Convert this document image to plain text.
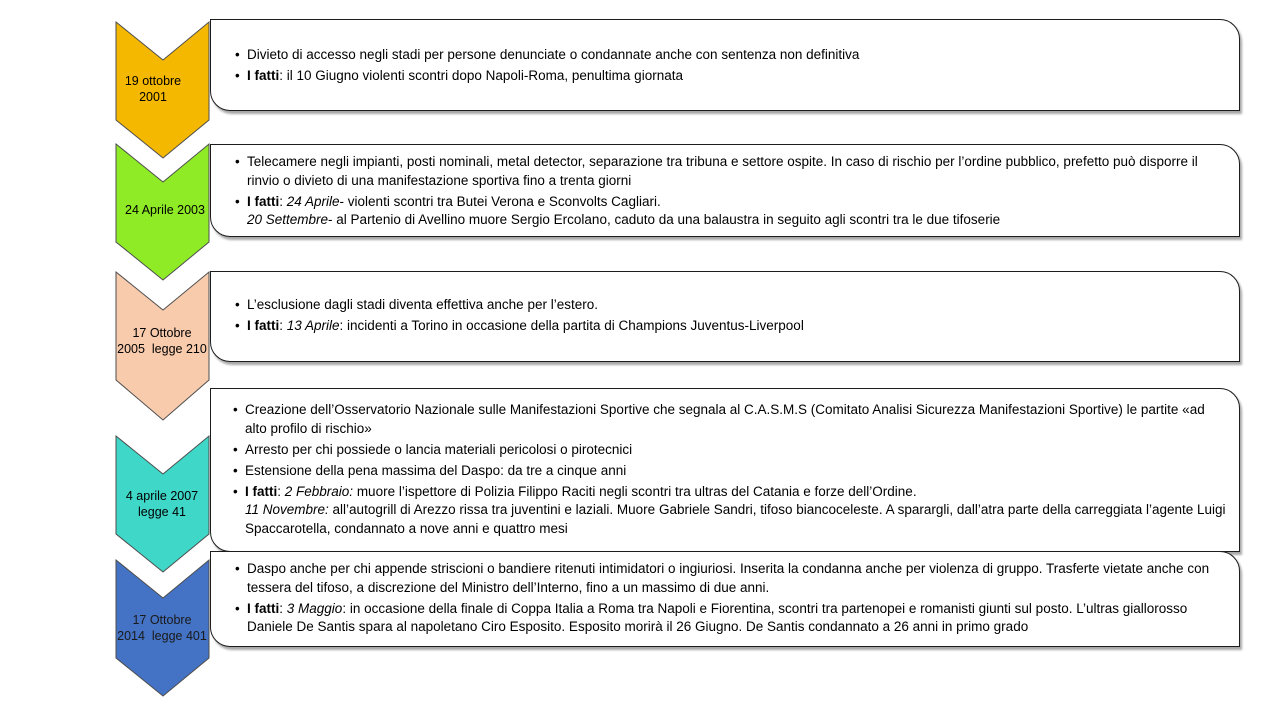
19 ottobre
2001
24 Aprile 2003
17 Ottobre
2005  legge 210
4 aprile 2007
legge 41
17 Ottobre
2014  legge 401
• Divieto di accesso negli stadi per persone denunciate o condannate anche con sentenza non definitiva
• I fatti: il 10 Giugno violenti scontri dopo Napoli-Roma, penultima giornata
• Telecamere negli impianti, posti nominali, metal detector, separazione tra tribuna e settore ospite. In caso di rischio per l’ordine pubblico, prefetto può disporre il rinvio o divieto di una manifestazione sportiva fino a trenta giorni
• I fatti: 24 Aprile- violenti scontri tra Butei Verona e Sconvolts Cagliari.
20 Settembre- al Partenio di Avellino muore Sergio Ercolano, caduto da una balaustra in seguito agli scontri tra le due tifoserie
• L’esclusione dagli stadi diventa effettiva anche per l’estero.
• I fatti: 13 Aprile: incidenti a Torino in occasione della partita di Champions Juventus-Liverpool
• Creazione dell’Osservatorio Nazionale sulle Manifestazioni Sportive che segnala al C.A.S.M.S (Comitato Analisi Sicurezza Manifestazioni Sportive) le partite «ad alto profilo di rischio»
• Arresto per chi possiede o lancia materiali pericolosi o pirotecnici
• Estensione della pena massima del Daspo: da tre a cinque anni
• I fatti: 2 Febbraio: muore l’ispettore di Polizia Filippo Raciti negli scontri tra ultras del Catania e forze dell’Ordine.
11 Novembre: all’autogrill di Arezzo rissa tra juventini e laziali. Muore Gabriele Sandri, tifoso biancoceleste. A sparargli, dall’atra parte della carreggiata l’agente Luigi Spaccarotella, condannato a nove anni e quattro mesi
• Daspo anche per chi appende striscioni o bandiere ritenuti intimidatori o ingiuriosi. Inserita la condanna anche per violenza di gruppo. Trasferte vietate anche con tessera del tifoso, a discrezione del Ministro dell’Interno, fino a un massimo di due anni.
• I fatti: 3 Maggio: in occasione della finale di Coppa Italia a Roma tra Napoli e Fiorentina, scontri tra partenopei e romanisti giunti sul posto. L’ultras giallorosso Daniele De Santis spara al napoletano Ciro Esposito. Esposito morirà il 26 Giugno. De Santis condannato a 26 anni in primo grado
